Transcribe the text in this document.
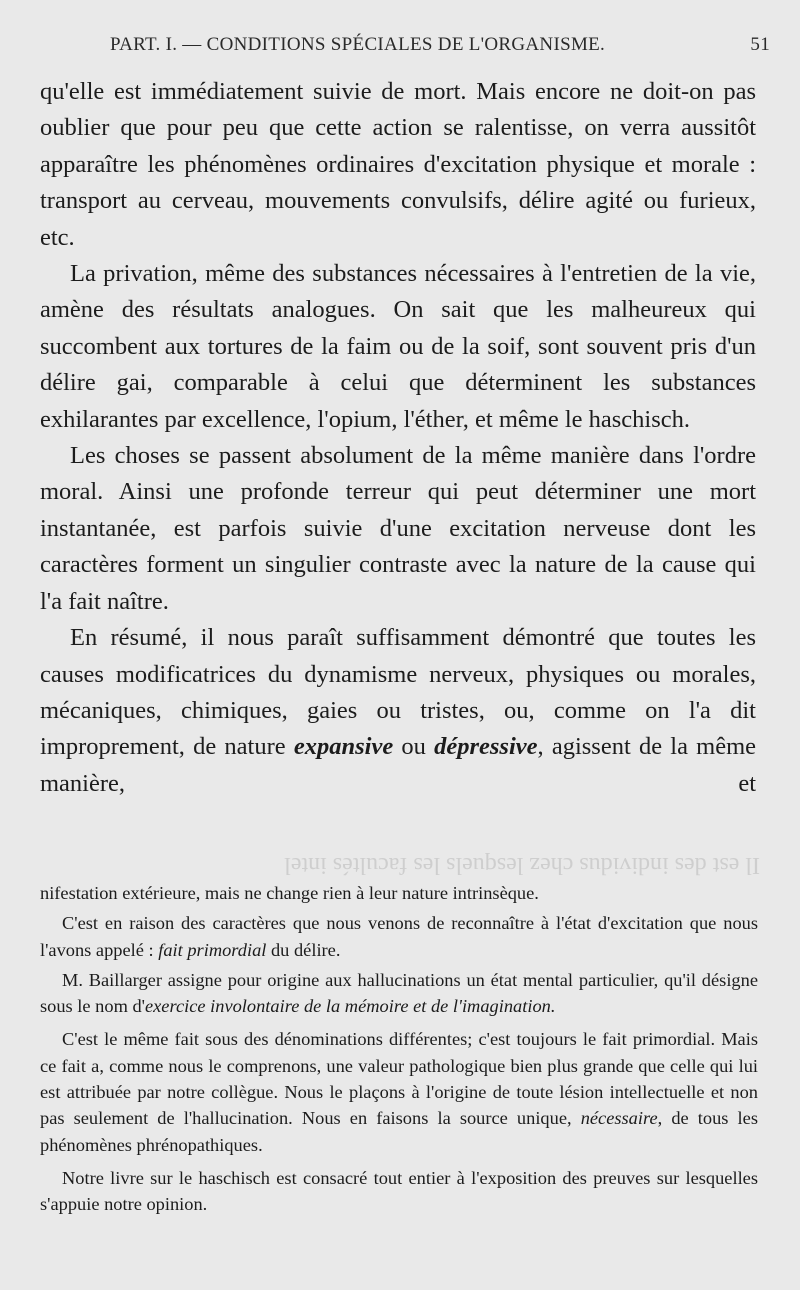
PART. I. — CONDITIONS SPÉCIALES DE L'ORGANISME.	51

qu'elle est immédiatement suivie de mort. Mais encore ne doit-on pas oublier que pour peu que cette action se ralentisse, on verra aussitôt apparaître les phénomènes ordinaires d'excitation physique et morale : transport au cerveau, mouvements convulsifs, délire agité ou furieux, etc.

La privation, même des substances nécessaires à l'entretien de la vie, amène des résultats analogues. On sait que les malheureux qui succombent aux tortures de la faim ou de la soif, sont souvent pris d'un délire gai, comparable à celui que déterminent les substances exhilarantes par excellence, l'opium, l'éther, et même le haschisch.

Les choses se passent absolument de la même manière dans l'ordre moral. Ainsi une profonde terreur qui peut déterminer une mort instantanée, est parfois suivie d'une excitation nerveuse dont les caractères forment un singulier contraste avec la nature de la cause qui l'a fait naître.

En résumé, il nous paraît suffisamment démontré que toutes les causes modificatrices du dynamisme nerveux, physiques ou morales, mécaniques, chimiques, gaies ou tristes, ou, comme on l'a dit improprement, de nature expansive ou dépressive, agissent de la même manière, et

Il est des individus chez lesquels les facultés intel

nifestation extérieure, mais ne change rien à leur nature intrinsèque.

C'est en raison des caractères que nous venons de reconnaître à l'état d'excitation que nous l'avons appelé : fait primordial du délire.

M. Baillarger assigne pour origine aux hallucinations un état mental particulier, qu'il désigne sous le nom d'exercice involontaire de la mémoire et de l'imagination.

C'est le même fait sous des dénominations différentes; c'est toujours le fait primordial. Mais ce fait a, comme nous le comprenons, une valeur pathologique bien plus grande que celle qui lui est attribuée par notre collègue. Nous le plaçons à l'origine de toute lésion intellectuelle et non pas seulement de l'hallucination. Nous en faisons la source unique, nécessaire, de tous les phénomènes phrénopathiques.

Notre livre sur le haschisch est consacré tout entier à l'exposition des preuves sur lesquelles s'appuie notre opinion.
